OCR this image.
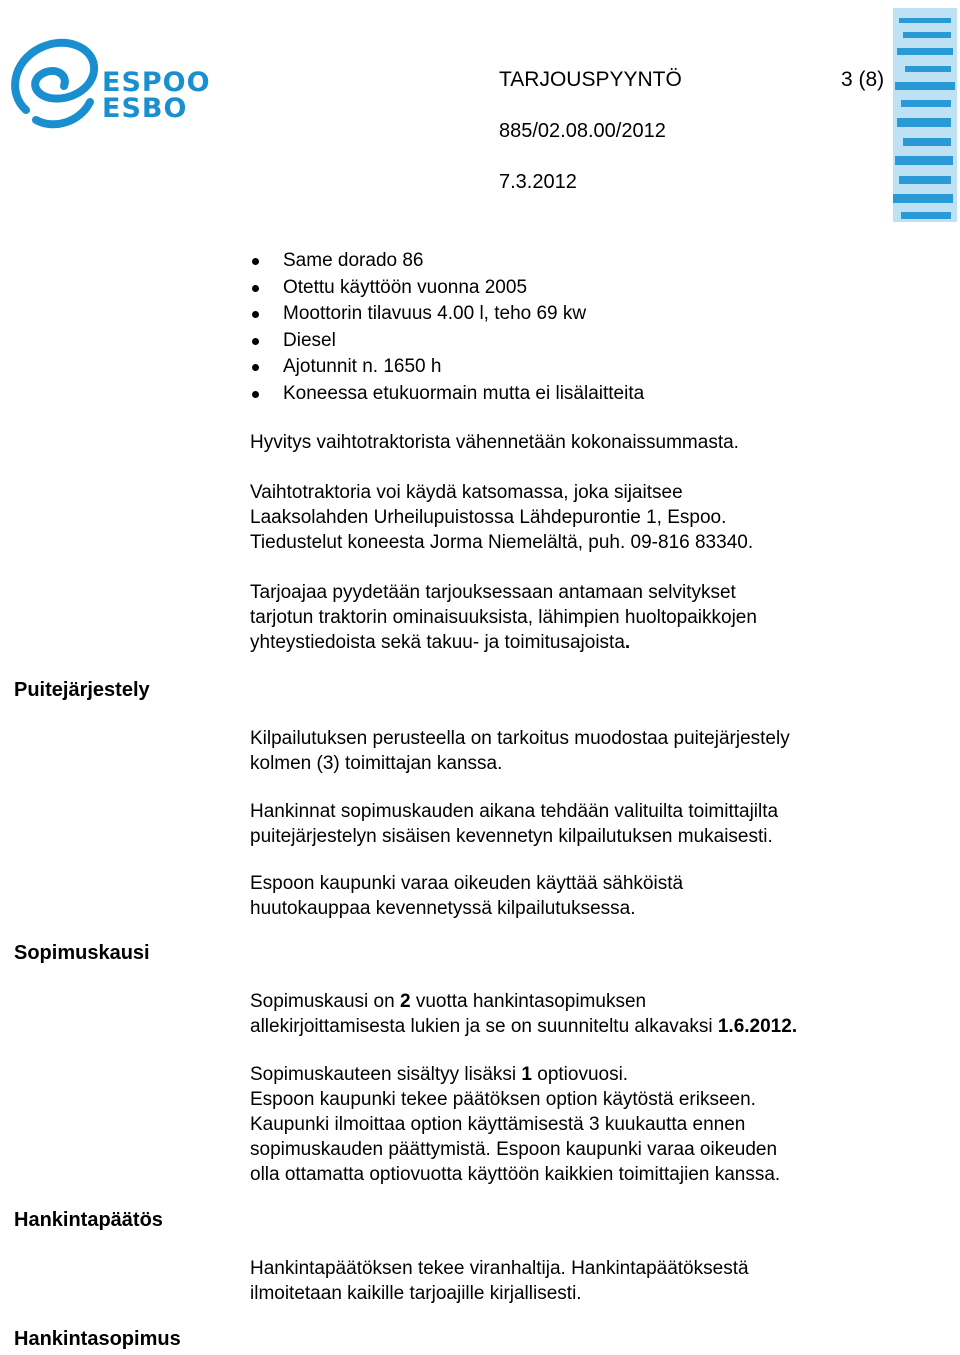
ESPOO
ESBO
TARJOUSPYYNTÖ	3 (8)
885/02.08.00/2012
7.3.2012
Same dorado 86
Otettu käyttöön vuonna 2005
Moottorin tilavuus 4.00 l, teho 69 kw
Diesel
Ajotunnit n. 1650 h
Koneessa etukuormain mutta ei lisälaitteita

Hyvitys vaihtotraktorista vähennetään kokonaissummasta.

Vaihtotraktoria voi käydä katsomassa, joka sijaitsee

Laaksolahden Urheilupuistossa Lähdepurontie 1, Espoo.

Tiedustelut koneesta Jorma Niemelältä, puh. 09-816 83340.

Tarjoajaa pyydetään tarjouksessaan antamaan selvitykset

tarjotun traktorin ominaisuuksista, lähimpien huoltopaikkojen

yhteystiedoista sekä takuu- ja toimitusajoista.

Puitejärjestely

Kilpailutuksen perusteella on tarkoitus muodostaa puitejärjestely

kolmen (3) toimittajan kanssa.

Hankinnat sopimuskauden aikana tehdään valituilta toimittajilta

puitejärjestelyn sisäisen kevennetyn kilpailutuksen mukaisesti.

Espoon kaupunki varaa oikeuden käyttää sähköistä

huutokauppaa kevennetyssä kilpailutuksessa.

Sopimuskausi

Sopimuskausi on 2 vuotta hankintasopimuksen

allekirjoittamisesta lukien ja se on suunniteltu alkavaksi 1.6.2012.

Sopimuskauteen sisältyy lisäksi 1 optiovuosi.

Espoon kaupunki tekee päätöksen option käytöstä erikseen.

Kaupunki ilmoittaa option käyttämisestä 3 kuukautta ennen

sopimuskauden päättymistä. Espoon kaupunki varaa oikeuden

olla ottamatta optiovuotta käyttöön kaikkien toimittajien kanssa.

Hankintapäätös

Hankintapäätöksen tekee viranhaltija. Hankintapäätöksestä

ilmoitetaan kaikille tarjoajille kirjallisesti.

Hankintasopimus
